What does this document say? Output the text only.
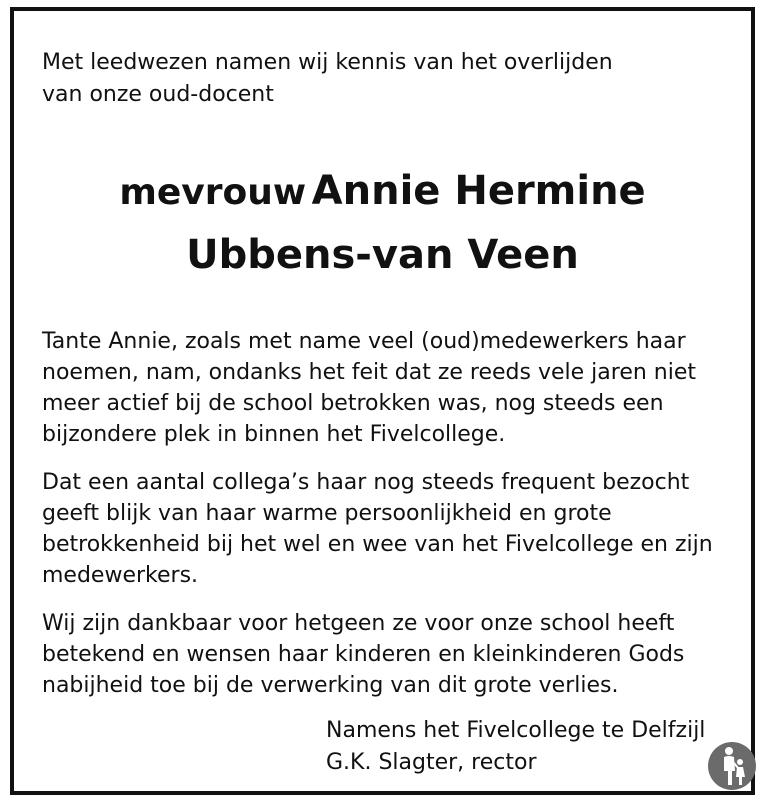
Met leedwezen namen wij kennis van het overlijden

van onze oud-docent

mevrouw Annie Hermine

Ubbens-van Veen

Tante Annie, zoals met name veel (oud)medewerkers haar noemen, nam, ondanks het feit dat ze reeds vele jaren niet meer actief bij de school betrokken was, nog steeds een bijzondere plek in binnen het Fivelcollege.

Dat een aantal collega’s haar nog steeds frequent bezocht geeft blijk van haar warme persoonlijkheid en grote betrokkenheid bij het wel en wee van het Fivelcollege en zijn medewerkers.

Wij zijn dankbaar voor hetgeen ze voor onze school heeft betekend en wensen haar kinderen en kleinkinderen Gods nabijheid toe bij de verwerking van dit grote verlies.

Namens het Fivelcollege te Delfzijl

G.K. Slagter, rector
